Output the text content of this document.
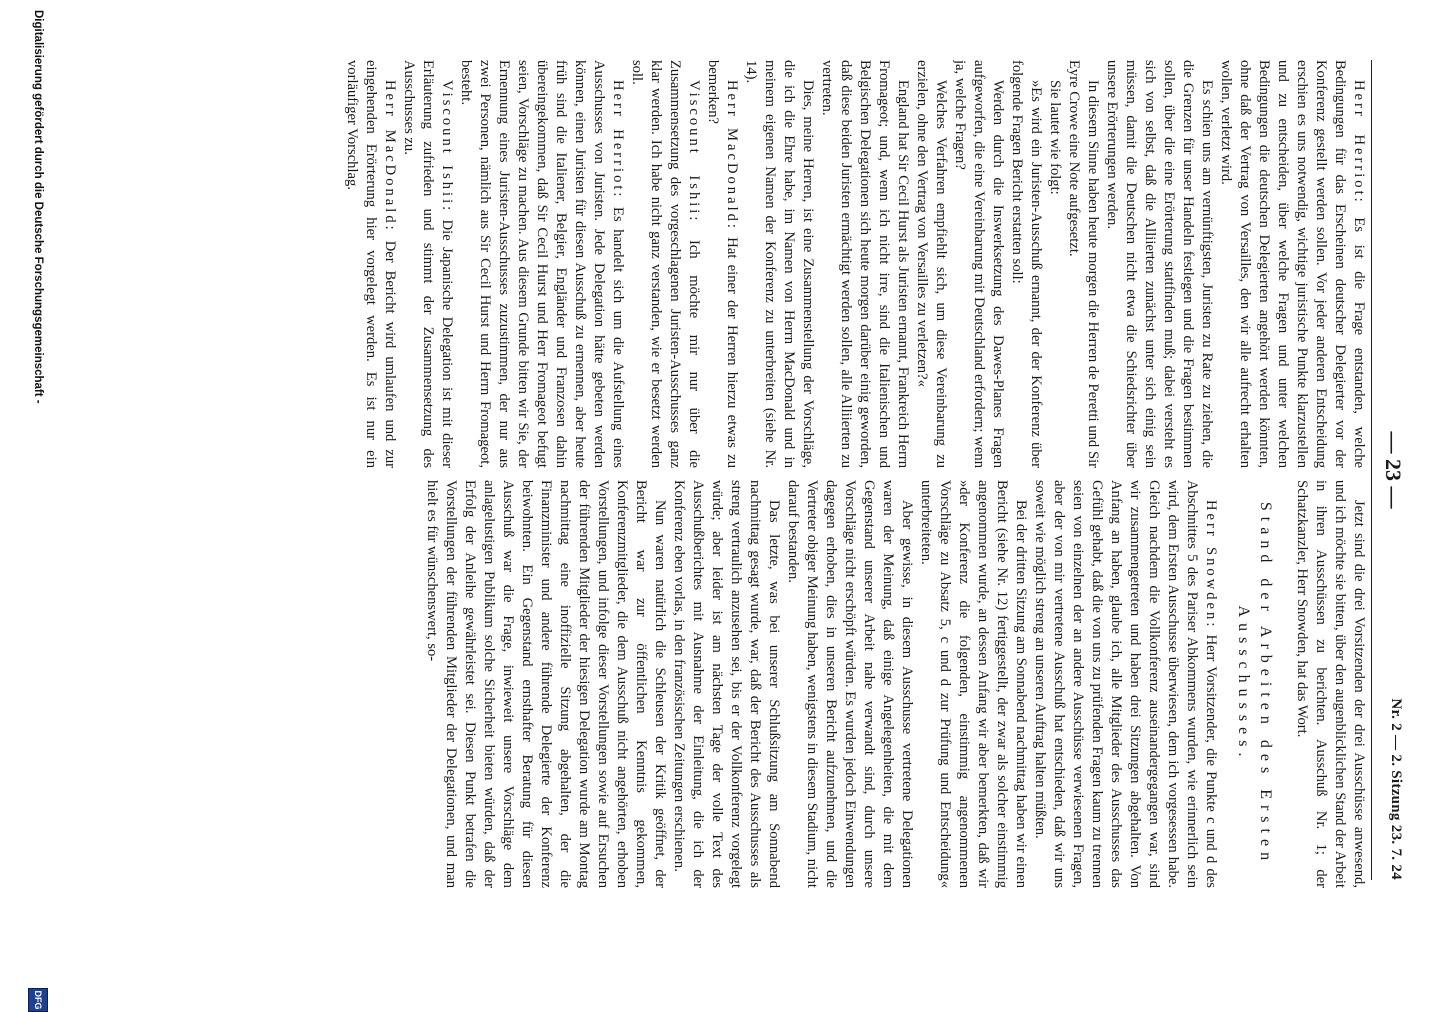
— 23 —
Nr. 2 — 2. Sitzung 23. 7. 24

Herr Herriot: Es ist die Frage entstanden, welche Bedingungen für das Erscheinen deutscher Delegierter vor der Konferenz gestellt werden sollen. Vor jeder anderen Entscheidung erschien es uns notwendig, wichtige juristische Punkte klarzustellen und zu entscheiden, über welche Fragen und unter welchen Bedingungen die deutschen Delegierten angehört werden könnten, ohne daß der Vertrag von Versailles, den wir alle aufrecht erhalten wollen, verletzt wird.

Es schien uns am vernünftigsten, Juristen zu Rate zu ziehen, die die Grenzen für unser Handeln festlegen und die Fragen bestimmen sollen, über die eine Erörterung stattfinden muß; dabei versteht es sich von selbst, daß die Alliierten zunächst unter sich einig sein müssen, damit die Deutschen nicht etwa die Schiedsrichter über unsere Erörterungen werden.

In diesem Sinne haben heute morgen die Herren de Peretti und Sir Eyre Crowe eine Note aufgesetzt.

Sie lautet wie folgt:

»Es wird ein Juristen-Ausschuß ernannt, der der Konferenz über folgende Fragen Bericht erstatten soll:

Werden durch die Inswerksetzung des Dawes-Planes Fragen aufgeworfen, die eine Vereinbarung mit Deutschland erfordern; wenn ja, welche Fragen?

Welches Verfahren empfiehlt sich, um diese Vereinbarung zu erzielen, ohne den Vertrag von Versailles zu verletzen?«

England hat Sir Cecil Hurst als Juristen ernannt, Frankreich Herrn Fromageot; und, wenn ich nicht irre, sind die Italienischen und Belgischen Delegationen sich heute morgen darüber einig geworden, daß diese beiden Juristen ermächtigt werden sollen, alle Alliierten zu vertreten.

Dies, meine Herren, ist eine Zusammenstellung der Vorschläge, die ich die Ehre habe, im Namen von Herrn MacDonald und in meinem eigenen Namen der Konferenz zu unterbreiten (siehe Nr. 14).

Herr MacDonald: Hat einer der Herren hierzu etwas zu bemerken?

Viscount Ishii: Ich möchte mir nur über die Zusammensetzung des vorgeschlagenen Juristen-Ausschusses ganz klar werden. Ich habe nicht ganz verstanden, wie er besetzt werden soll.

Herr Herriot: Es handelt sich um die Aufstellung eines Ausschusses von Juristen. Jede Delegation hätte gebeten werden können, einen Juristen für diesen Ausschuß zu ernennen, aber heute früh sind die Italiener, Belgier, Engländer und Franzosen dahin übereingekommen, daß Sir Cecil Hurst und Herr Fromageot befugt seien, Vorschläge zu machen. Aus diesem Grunde bitten wir Sie, der Ernennung eines Juristen-Ausschusses zuzustimmen, der nur aus zwei Personen, nämlich aus Sir Cecil Hurst und Herrn Fromageot, besteht.

Viscount Ishii: Die Japanische Delegation ist mit dieser Erläuterung zufrieden und stimmt der Zusammensetzung des Ausschusses zu.

Herr MacDonald: Der Bericht wird umlaufen und zur eingehenden Erörterung hier vorgelegt werden. Es ist nur ein vorläufiger Vorschlag.

Jetzt sind die drei Vorsitzenden der drei Ausschüsse anwesend, und ich möchte sie bitten, über den augenblicklichen Stand der Arbeit in ihren Ausschüssen zu berichten. Ausschuß Nr. 1; der Schatzkanzler, Herr Snowden, hat das Wort.

Stand der Arbeiten des Ersten Ausschusses.

Herr Snowden: Herr Vorsitzender, die Punkte c und d des Abschnittes 5 des Pariser Abkommens wurden, wie erinnerlich sein wird, dem Ersten Ausschusse überwiesen, dem ich vorgesessen habe. Gleich nachdem die Vollkonferenz auseinandergegangen war, sind wir zusammengetreten und haben drei Sitzungen abgehalten. Von Anfang an haben, glaube ich, alle Mitglieder des Ausschusses das Gefühl gehabt, daß die von uns zu prüfenden Fragen kaum zu trennen seien von einzelnen der an andere Ausschüsse verwiesenen Fragen, aber der von mir vertretene Ausschuß hat entschieden, daß wir uns soweit wie möglich streng an unseren Auftrag halten müßten.

Bei der dritten Sitzung am Sonnabend nachmittag haben wir einen Bericht (siehe Nr. 12) fertiggestellt, der zwar als solcher einstimmig angenommen wurde, an dessen Anfang wir aber bemerkten, daß wir »der Konferenz die folgenden, einstimmig angenommenen Vorschläge zu Absatz 5, c und d zur Prüfung und Entscheidung« unterbreiteten.

Aber gewisse, in diesem Ausschusse vertretene Delegationen waren der Meinung, daß einige Angelegenheiten, die mit dem Gegenstand unserer Arbeit nahe verwandt sind, durch unsere Vorschläge nicht erschöpft würden. Es wurden jedoch Einwendungen dagegen erhoben, dies in unseren Bericht aufzunehmen, und die Vertreter obiger Meinung haben, wenigstens in diesem Stadium, nicht darauf bestanden.

Das letzte, was bei unserer Schlußsitzung am Sonnabend nachmittag gesagt wurde, war, daß der Bericht des Ausschusses als streng vertraulich anzusehen sei, bis er der Vollkonferenz vorgelegt würde; aber leider ist am nächsten Tage der volle Text des Ausschußberichtes mit Ausnahme der Einleitung, die ich der Konferenz eben vorlas, in den französischen Zeitungen erschienen.

Nun waren natürlich die Schleusen der Kritik geöffnet, der Bericht war zur öffentlichen Kenntnis gekommen, Konferenzmitglieder, die dem Ausschuß nicht angehörten, erhoben Vorstellungen, und infolge dieser Vorstellungen sowie auf Ersuchen der führenden Mitglieder der hiesigen Delegation wurde am Montag nachmittag eine inoffizielle Sitzung abgehalten, der die Finanzminister und andere führende Delegierte der Konferenz beiwohnten. Ein Gegenstand ernsthafter Beratung für diesen Ausschuß war die Frage, inwieweit unsere Vorschläge dem anlagelustigen Publikum solche Sicherheit bieten würden, daß der Erfolg der Anleihe gewährleistet sei. Diesen Punkt betrafen die Vorstellungen der führenden Mitglieder der Delegationen, und man hielt es für wünschenswert, so-

Digitalisierung gefördert durch die Deutsche Forschungsgemeinschaft -
DFG
